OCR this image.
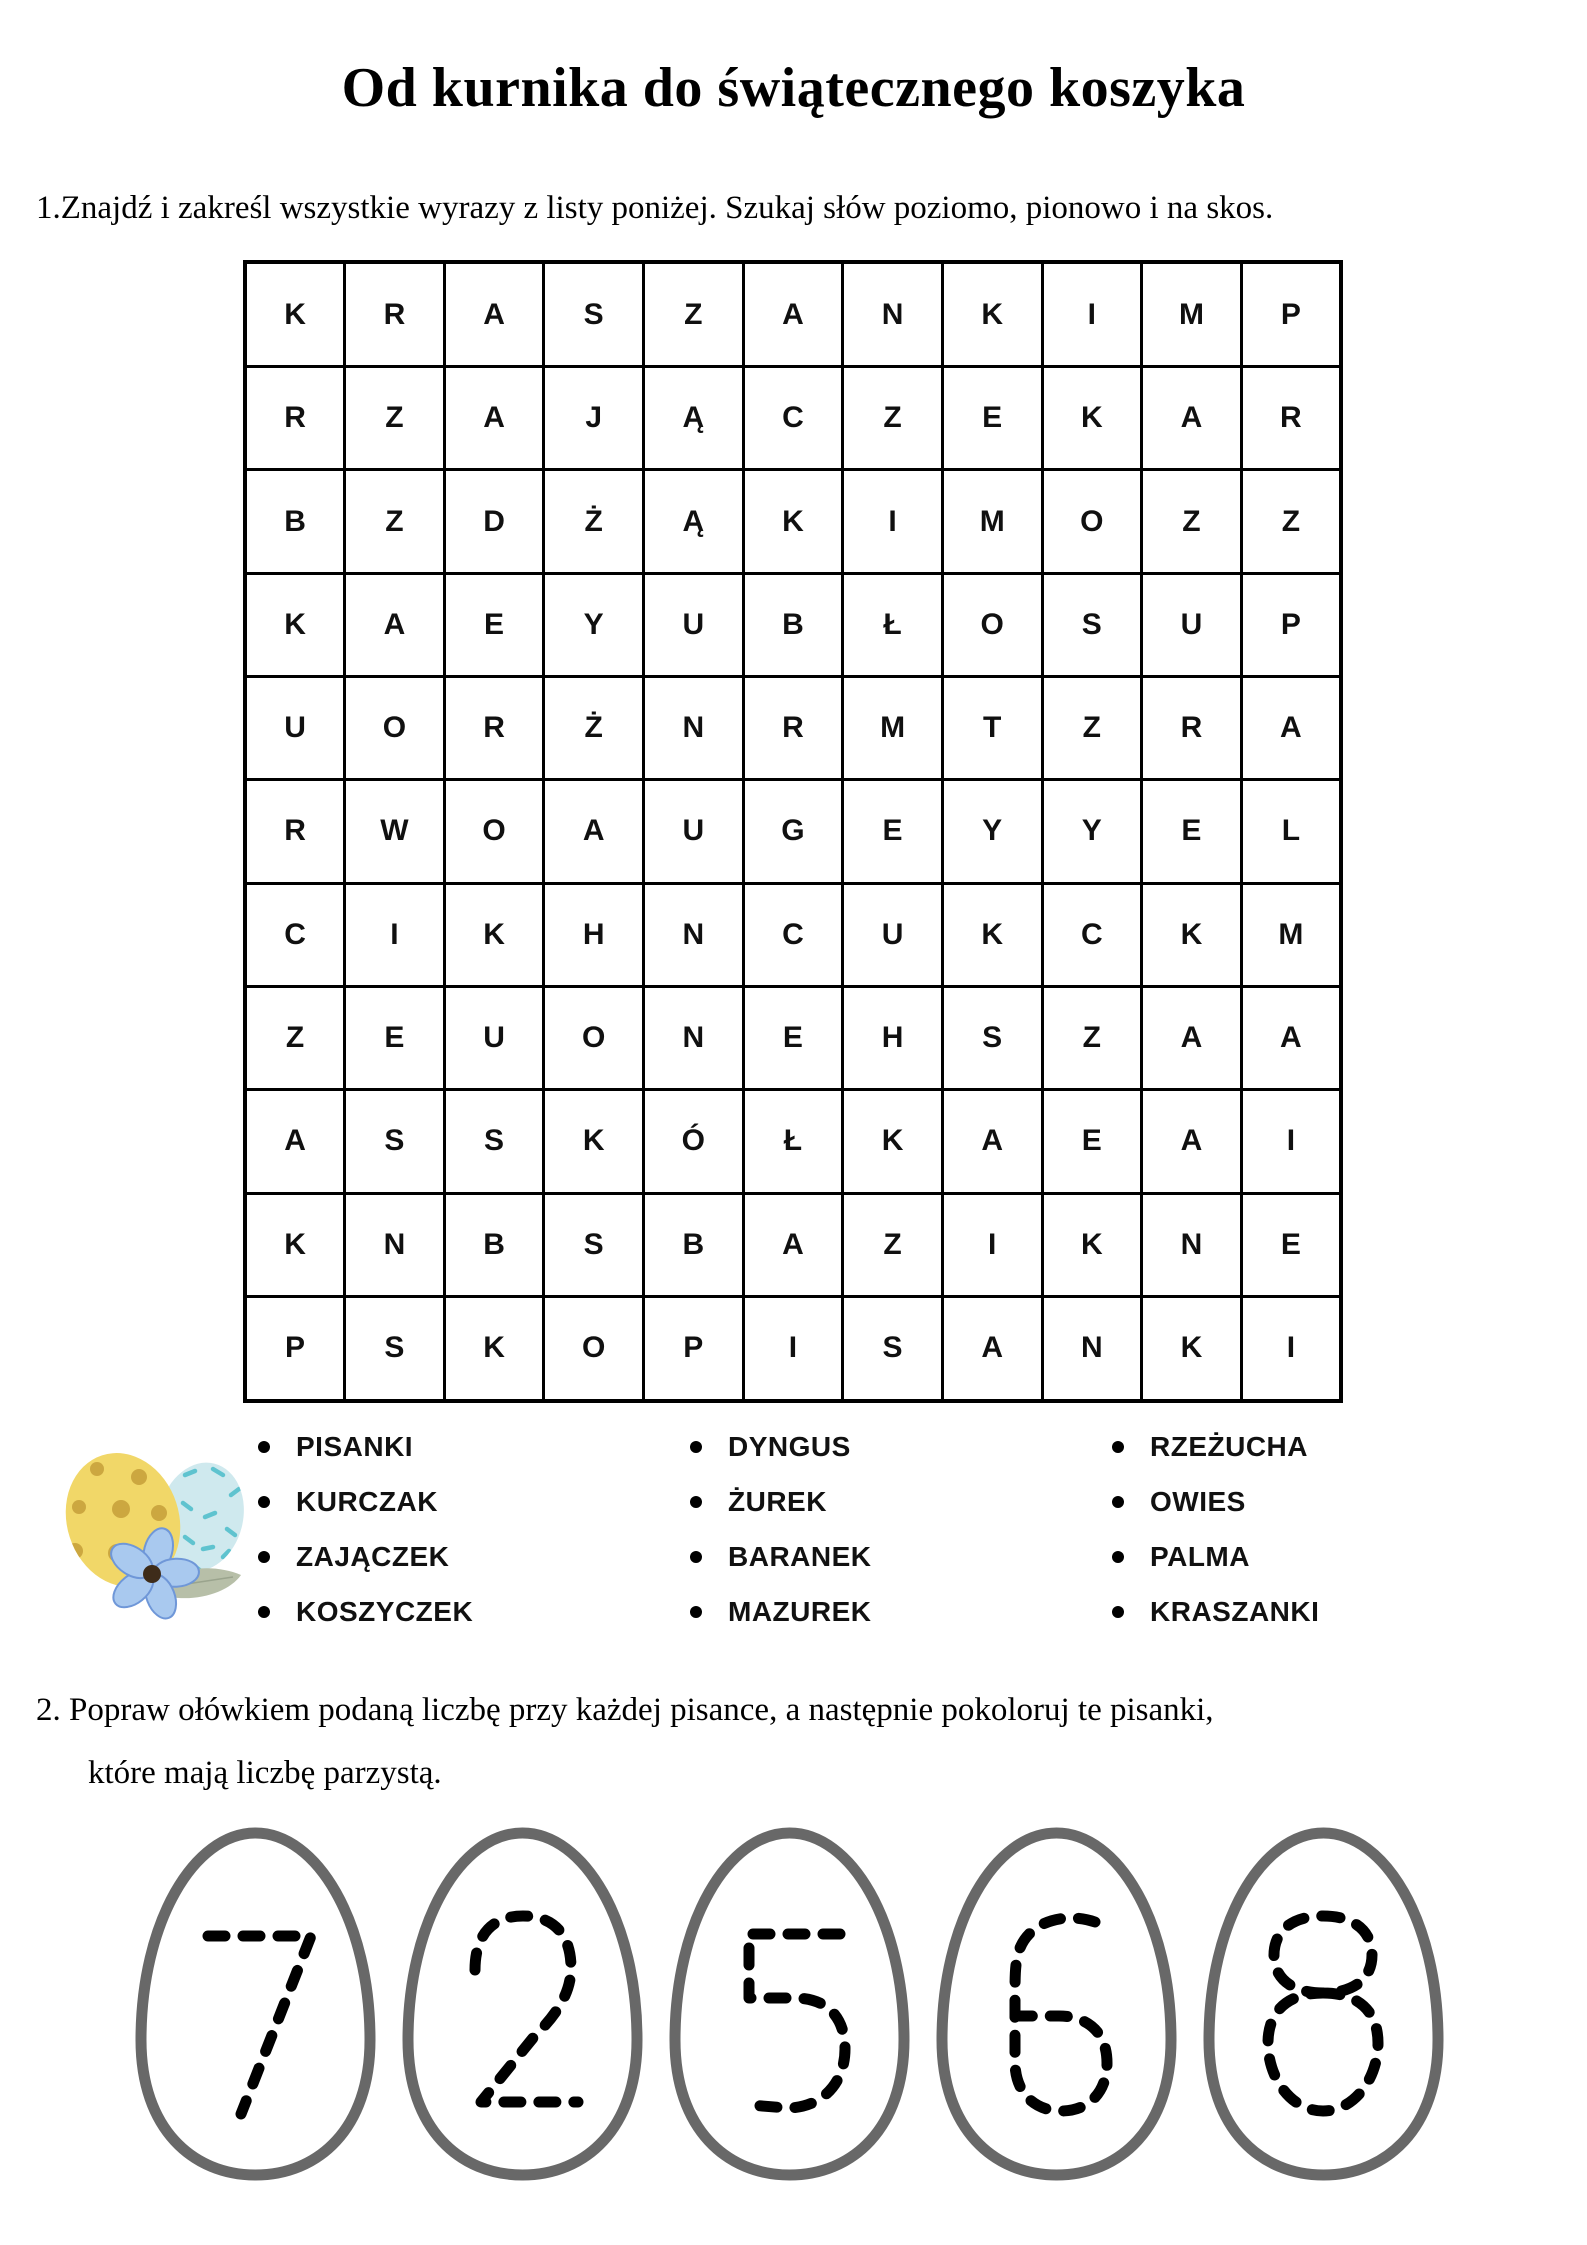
Od kurnika do świątecznego koszyka

1.Znajdź i zakreśl wszystkie wyrazy z listy poniżej. Szukaj słów poziomo, pionowo i na skos.

K	R	A	S	Z	A	N	K	I	M	P
R	Z	A	J	Ą	C	Z	E	K	A	R
B	Z	D	Ż	Ą	K	I	M	O	Z	Z
K	A	E	Y	U	B	Ł	O	S	U	P
U	O	R	Ż	N	R	M	T	Z	R	A
R	W	O	A	U	G	E	Y	Y	E	L
C	I	K	H	N	C	U	K	C	K	M
Z	E	U	O	N	E	H	S	Z	A	A
A	S	S	K	Ó	Ł	K	A	E	A	I
K	N	B	S	B	A	Z	I	K	N	E
P	S	K	O	P	I	S	A	N	K	I
PISANKI
KURCZAK
ZAJĄCZEK
KOSZYCZEK
DYNGUS
ŻUREK
BARANEK
MAZUREK
RZEŻUCHA
OWIES
PALMA
KRASZANKI

2. Popraw ołówkiem podaną liczbę przy każdej pisance, a następnie pokoloruj te pisanki,
które mają liczbę parzystą.
